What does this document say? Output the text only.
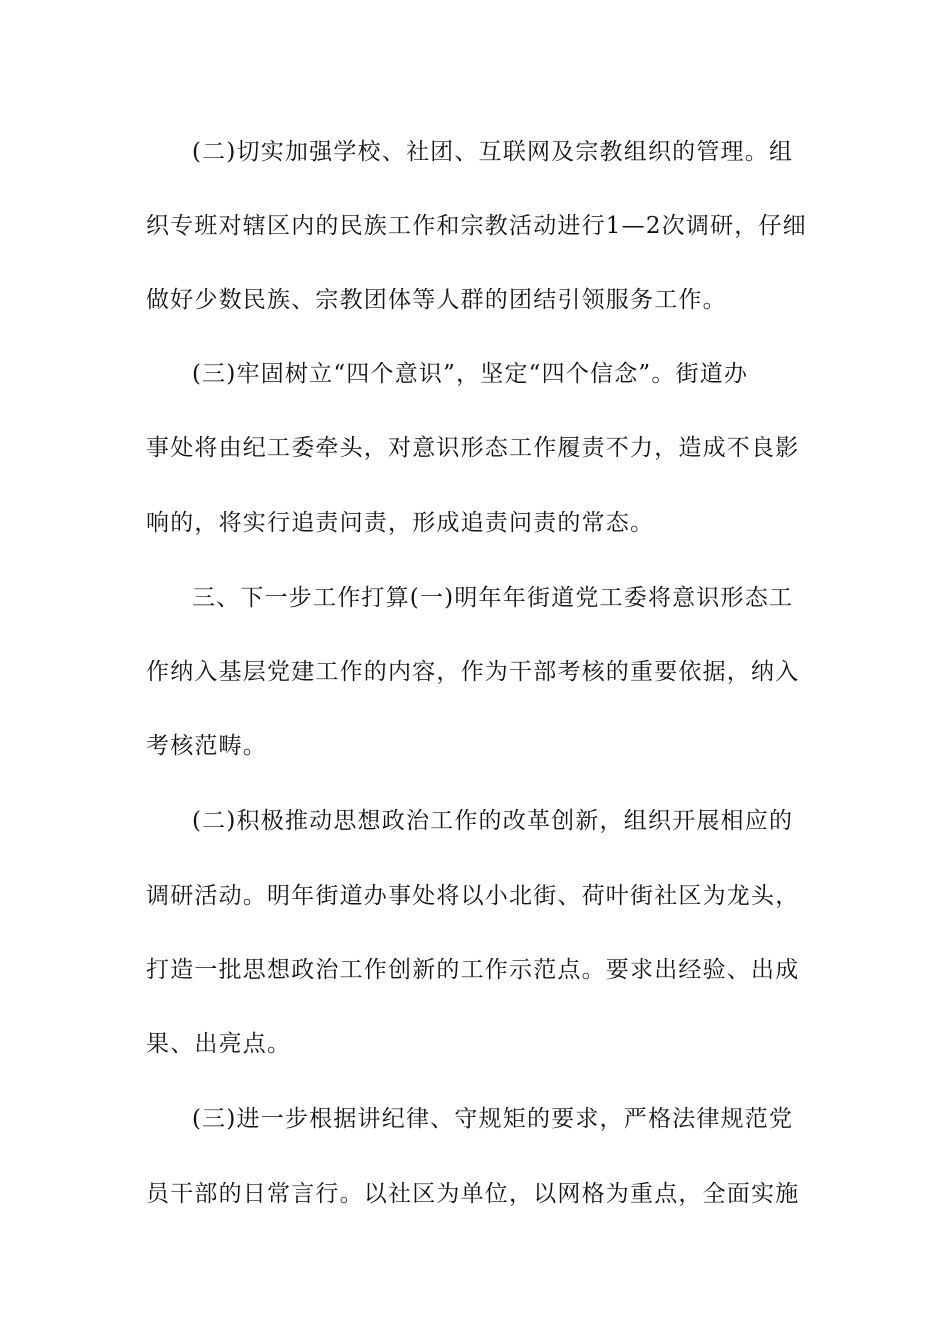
(二)切实加强学校、社团、互联网及宗教组织的管理。组
织专班对辖区内的民族工作和宗教活动进行1—2次调研，仔细
做好少数民族、宗教团体等人群的团结引领服务工作。
(三)牢固树立“四个意识”，坚定“四个信念”。街道办
事处将由纪工委牵头，对意识形态工作履责不力，造成不良影
响的，将实行追责问责，形成追责问责的常态。
三、下一步工作打算(一)明年年街道党工委将意识形态工
作纳入基层党建工作的内容，作为干部考核的重要依据，纳入
考核范畴。
(二)积极推动思想政治工作的改革创新，组织开展相应的
调研活动。明年街道办事处将以小北街、荷叶街社区为龙头，
打造一批思想政治工作创新的工作示范点。要求出经验、出成
果、出亮点。
(三)进一步根据讲纪律、守规矩的要求，严格法律规范党
员干部的日常言行。以社区为单位，以网格为重点，全面实施
